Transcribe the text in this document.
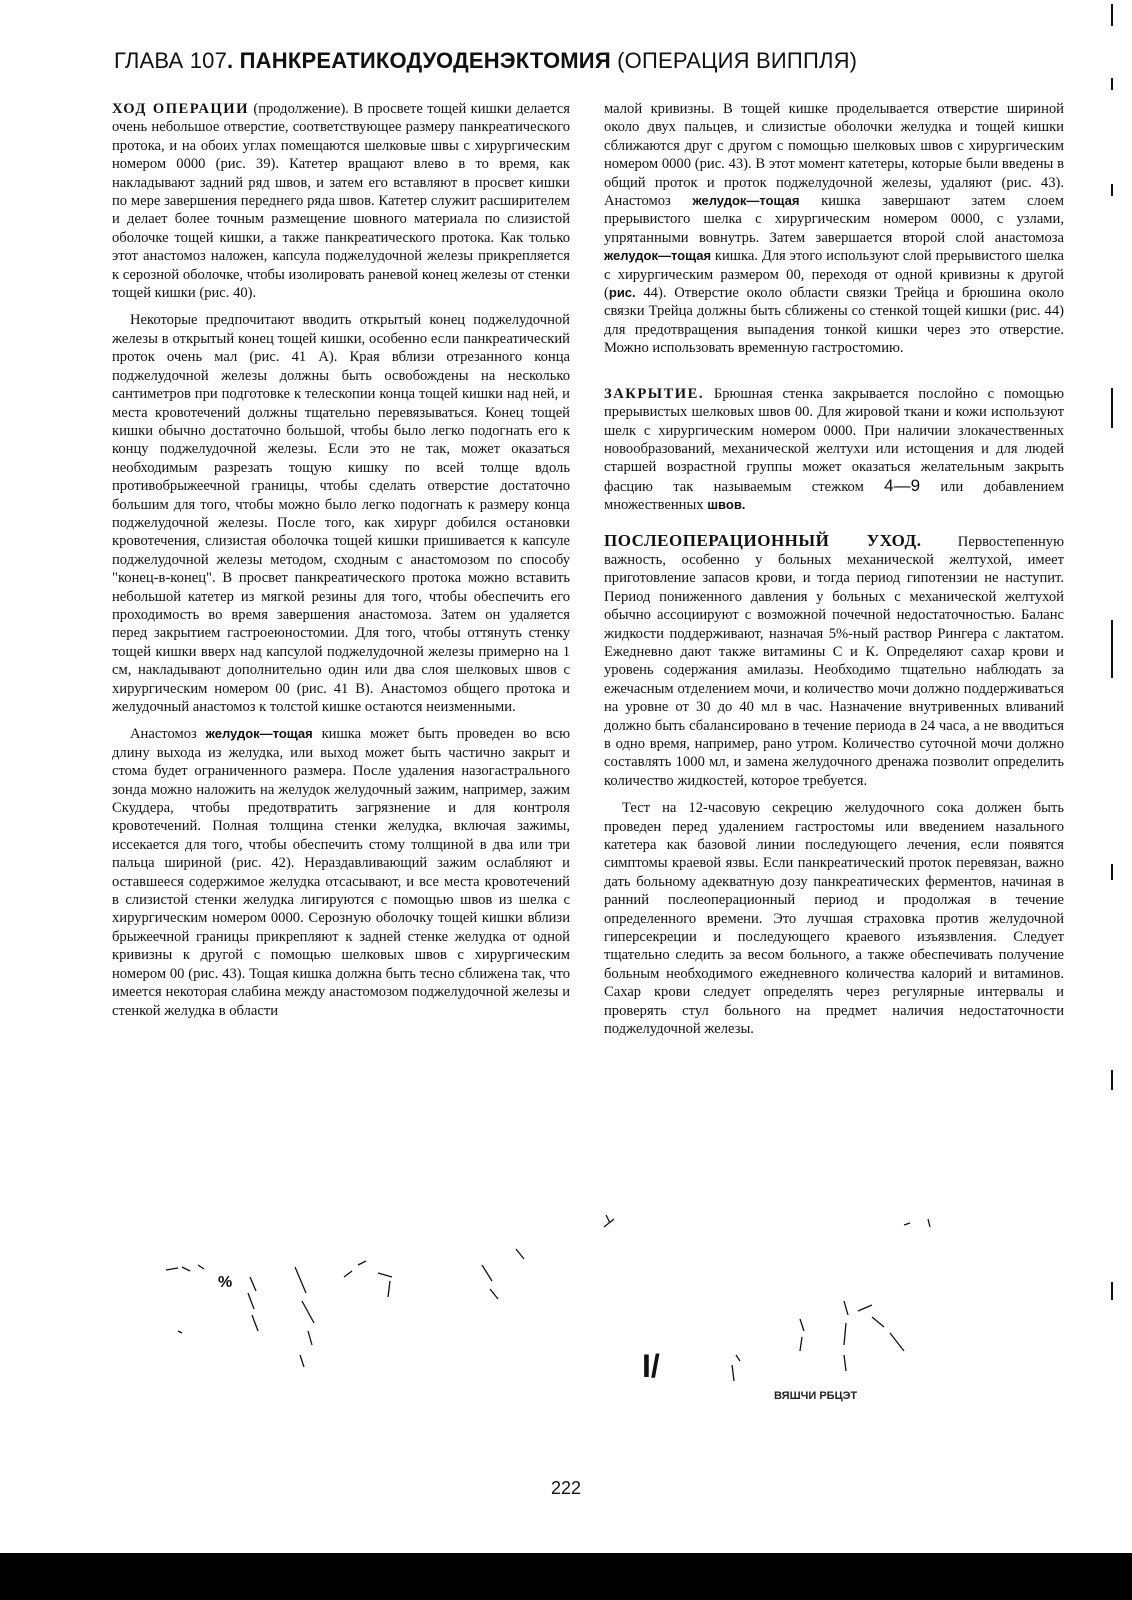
ГЛАВА 107. ПАНКРЕАТИКОДУОДЕНЭКТОМИЯ (ОПЕРАЦИЯ ВИППЛЯ)

ХОД ОПЕРАЦИИ (продолжение). В просвете тощей кишки делается очень небольшое отверстие, соответствующее размеру панкреатического протока, и на обоих углах помещаются шелковые швы с хирургическим номером 0000 (рис. 39). Катетер вращают влево в то время, как накладывают задний ряд швов, и затем его вставляют в просвет кишки по мере завершения переднего ряда швов. Катетер служит расширителем и делает более точным размещение шовного материала по слизистой оболочке тощей кишки, а также панкреатического протока. Как только этот анастомоз наложен, капсула поджелудочной железы прикрепляется к серозной оболочке, чтобы изолировать раневой конец железы от стенки тощей кишки (рис. 40).

Некоторые предпочитают вводить открытый конец поджелудочной железы в открытый конец тощей кишки, особенно если панкреатический проток очень мал (рис. 41 А). Края вблизи отрезанного конца поджелудочной железы должны быть освобождены на несколько сантиметров при подготовке к телескопии конца тощей кишки над ней, и места кровотечений должны тщательно перевязываться. Конец тощей кишки обычно достаточно большой, чтобы было легко подогнать его к концу поджелудочной железы. Если это не так, может оказаться необходимым разрезать тощую кишку по всей толще вдоль противобрыжеечной границы, чтобы сделать отверстие достаточно большим для того, чтобы можно было легко подогнать к размеру конца поджелудочной железы. После того, как хирург добился остановки кровотечения, слизистая оболочка тощей кишки пришивается к капсуле поджелудочной железы методом, сходным с анастомозом по способу "конец-в-конец". В просвет панкреатического протока можно вставить небольшой катетер из мягкой резины для того, чтобы обеспечить его проходимость во время завершения анастомоза. Затем он удаляется перед закрытием гастроеюностомии. Для того, чтобы оттянуть стенку тощей кишки вверх над капсулой поджелудочной железы примерно на 1 см, накладывают дополнительно один или два слоя шелковых швов с хирургическим номером 00 (рис. 41 В). Анастомоз общего протока и желудочный анастомоз к толстой кишке остаются неизменными.

Анастомоз желудок—тощая кишка может быть проведен во всю длину выхода из желудка, или выход может быть частично закрыт и стома будет ограниченного размера. После удаления назогастрального зонда можно наложить на желудок желудочный зажим, например, зажим Скуддера, чтобы предотвратить загрязнение и для контроля кровотечений. Полная толщина стенки желудка, включая зажимы, иссекается для того, чтобы обеспечить стому толщиной в два или три пальца шириной (рис. 42). Нераздавливающий зажим ослабляют и оставшееся содержимое желудка отсасывают, и все места кровотечений в слизистой стенки желудка лигируются с помощью швов из шелка с хирургическим номером 0000. Серозную оболочку тощей кишки вблизи брыжеечной границы прикрепляют к задней стенке желудка от одной кривизны к другой с помощью шелковых швов с хирургическим номером 00 (рис. 43). Тощая кишка должна быть тесно сближена так, что имеется некоторая слабина между анастомозом поджелудочной железы и стенкой желудка в области

малой кривизны. В тощей кишке проделывается отверстие шириной около двух пальцев, и слизистые оболочки желудка и тощей кишки сближаются друг с другом с помощью шелковых швов с хирургическим номером 0000 (рис. 43). В этот момент катетеры, которые были введены в общий проток и проток поджелудочной железы, удаляют (рис. 43). Анастомоз желудок—тощая кишка завершают затем слоем прерывистого шелка с хирургическим номером 0000, с узлами, упрятанными вовнутрь. Затем завершается второй слой анастомоза желудок—тощая кишка. Для этого используют слой прерывистого шелка с хирургическим размером 00, переходя от одной кривизны к другой (рис. 44). Отверстие около области связки Трейца и брюшина около связки Трейца должны быть сближены со стенкой тощей кишки (рис. 44) для предотвращения выпадения тонкой кишки через это отверстие. Можно использовать временную гастростомию.

ЗАКРЫТИЕ. Брюшная стенка закрывается послойно с помощью прерывистых шелковых швов 00. Для жировой ткани и кожи используют шелк с хирургическим номером 0000. При наличии злокачественных новообразований, механической желтухи или истощения и для людей старшей возрастной группы может оказаться желательным закрыть фасцию так называемым стежком 4—9 или добавлением множественных швов.

ПОСЛЕОПЕРАЦИОННЫЙ УХОД. Первостепенную важность, особенно у больных механической желтухой, имеет приготовление запасов крови, и тогда период гипотензии не наступит. Период пониженного давления у больных с механической желтухой обычно ассоциируют с возможной почечной недостаточностью. Баланс жидкости поддерживают, назначая 5%-ный раствор Рингера с лактатом. Ежедневно дают также витамины С и К. Определяют сахар крови и уровень содержания амилазы. Необходимо тщательно наблюдать за ежечасным отделением мочи, и количество мочи должно поддерживаться на уровне от 30 до 40 мл в час. Назначение внутривенных вливаний должно быть сбалансировано в течение периода в 24 часа, а не вводиться в одно время, например, рано утром. Количество суточной мочи должно составлять 1000 мл, и замена желудочного дренажа позволит определить количество жидкостей, которое требуется.

Тест на 12-часовую секрецию желудочного сока должен быть проведен перед удалением гастростомы или введением назального катетера как базовой линии последующего лечения, если появятся симптомы краевой язвы. Если панкреатический проток перевязан, важно дать больному адекватную дозу панкреатических ферментов, начиная в ранний послеоперационный период и продолжая в течение определенного времени. Это лучшая страховка против желудочной гиперсекреции и последующего краевого изъязвления. Следует тщательно следить за весом больного, а также обеспечивать получение больным необходимого ежедневного количества калорий и витаминов. Сахар крови следует определять через регулярные интервалы и проверять стул больного на предмет наличия недостаточности поджелудочной железы.

%
I/
ВЯШЧИ РБЦЭТ
222
